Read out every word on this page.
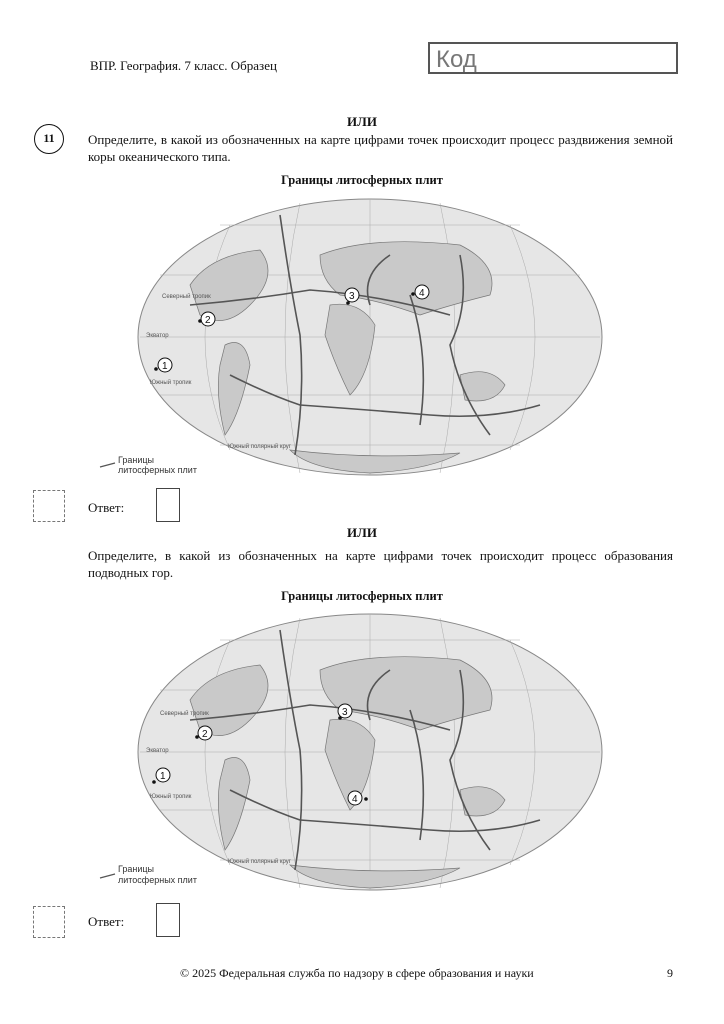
ВПР. География. 7 класс. Образец	Код
ИЛИ
11	Определите, в какой из обозначенных на карте цифрами точек происходит процесс раздвижения земной коры океанического типа.
Границы литосферных плит
1
2
3	4
Границы
литосферных плит
Северный тропик
Экватор
Южный тропик
Южный полярный круг
Ответ:
ИЛИ
Определите, в какой из обозначенных на карте цифрами точек происходит процесс образования подводных гор.
Границы литосферных плит
1
2
3
4
Границы
литосферных плит
Северный тропик
Экватор
Южный тропик
Южный полярный круг
Ответ:
© 2025 Федеральная служба по надзору в сфере образования и науки	9
